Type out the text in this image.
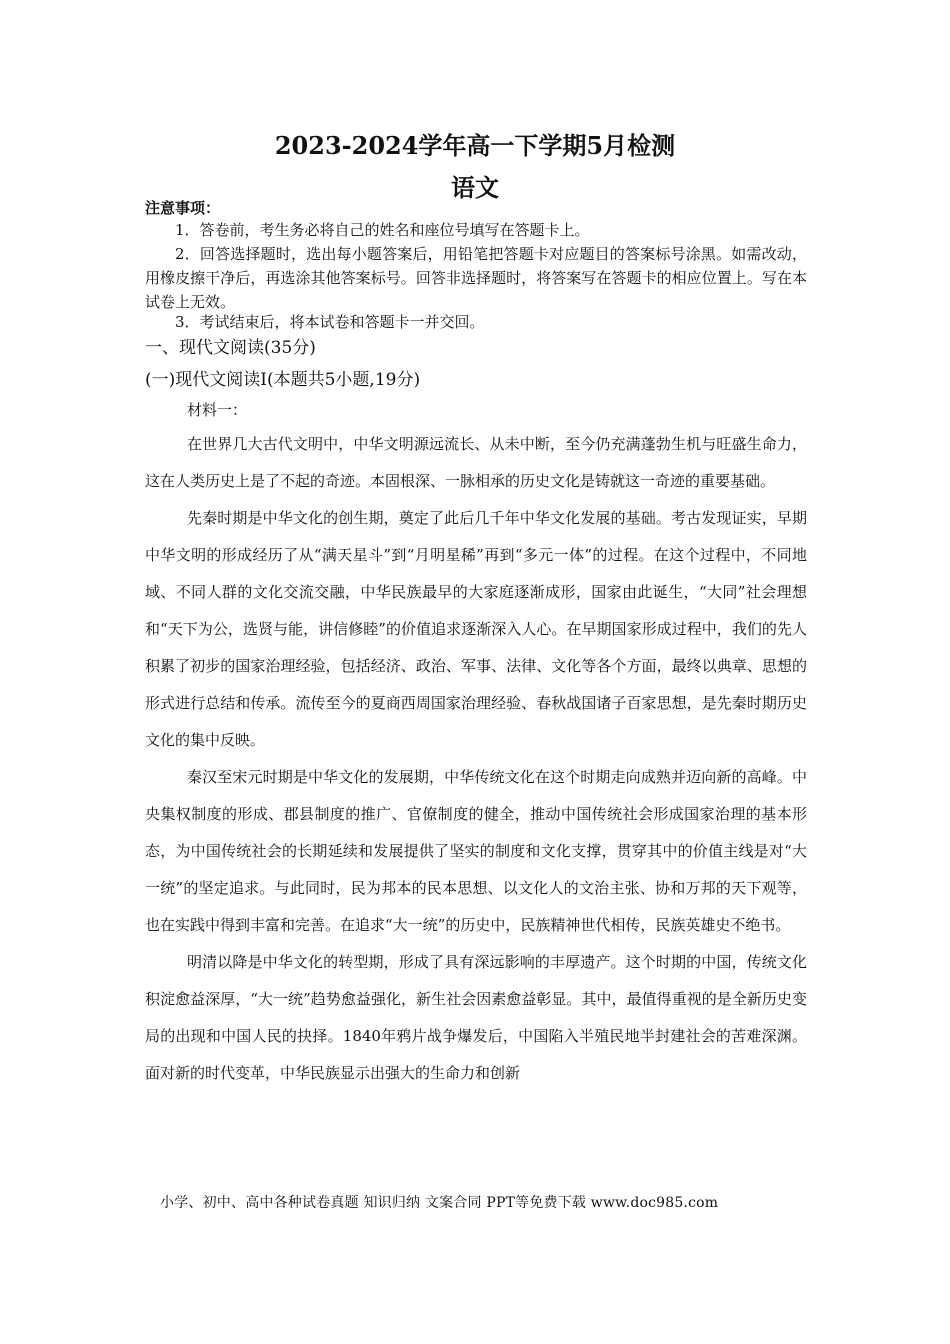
2023-2024学年高一下学期5月检测
语文
注意事项：
1．答卷前，考生务必将自己的姓名和座位号填写在答题卡上。
2．回答选择题时，选出每小题答案后，用铅笔把答题卡对应题目的答案标号涂黑。如需改动，用橡皮擦干净后，再选涂其他答案标号。回答非选择题时，将答案写在答题卡的相应位置上。写在本试卷上无效。
3．考试结束后，将本试卷和答题卡一并交回。
一、现代文阅读(35分)
(一)现代文阅读Ⅰ(本题共5小题,19分)
材料一：

在世界几大古代文明中，中华文明源远流长、从未中断，至今仍充满蓬勃生机与旺盛生命力，这在人类历史上是了不起的奇迹。本固根深、一脉相承的历史文化是铸就这一奇迹的重要基础。

先秦时期是中华文化的创生期，奠定了此后几千年中华文化发展的基础。考古发现证实，早期中华文明的形成经历了从“满天星斗”到“月明星稀”再到“多元一体”的过程。在这个过程中，不同地域、不同人群的文化交流交融，中华民族最早的大家庭逐渐成形，国家由此诞生，“大同”社会理想和“天下为公，选贤与能，讲信修睦”的价值追求逐渐深入人心。在早期国家形成过程中，我们的先人积累了初步的国家治理经验，包括经济、政治、军事、法律、文化等各个方面，最终以典章、思想的形式进行总结和传承。流传至今的夏商西周国家治理经验、春秋战国诸子百家思想，是先秦时期历史文化的集中反映。

秦汉至宋元时期是中华文化的发展期，中华传统文化在这个时期走向成熟并迈向新的高峰。中央集权制度的形成、郡县制度的推广、官僚制度的健全，推动中国传统社会形成国家治理的基本形态，为中国传统社会的长期延续和发展提供了坚实的制度和文化支撑，贯穿其中的价值主线是对“大一统”的坚定追求。与此同时，民为邦本的民本思想、以文化人的文治主张、协和万邦的天下观等，也在实践中得到丰富和完善。在追求“大一统”的历史中，民族精神世代相传，民族英雄史不绝书。

明清以降是中华文化的转型期，形成了具有深远影响的丰厚遗产。这个时期的中国，传统文化积淀愈益深厚，“大一统”趋势愈益强化，新生社会因素愈益彰显。其中，最值得重视的是全新历史变局的出现和中国人民的抉择。1840年鸦片战争爆发后，中国陷入半殖民地半封建社会的苦难深渊。面对新的时代变革，中华民族显示出强大的生命力和创新

小学、初中、高中各种试卷真题 知识归纳 文案合同 PPT等免费下载 www.doc985.com
